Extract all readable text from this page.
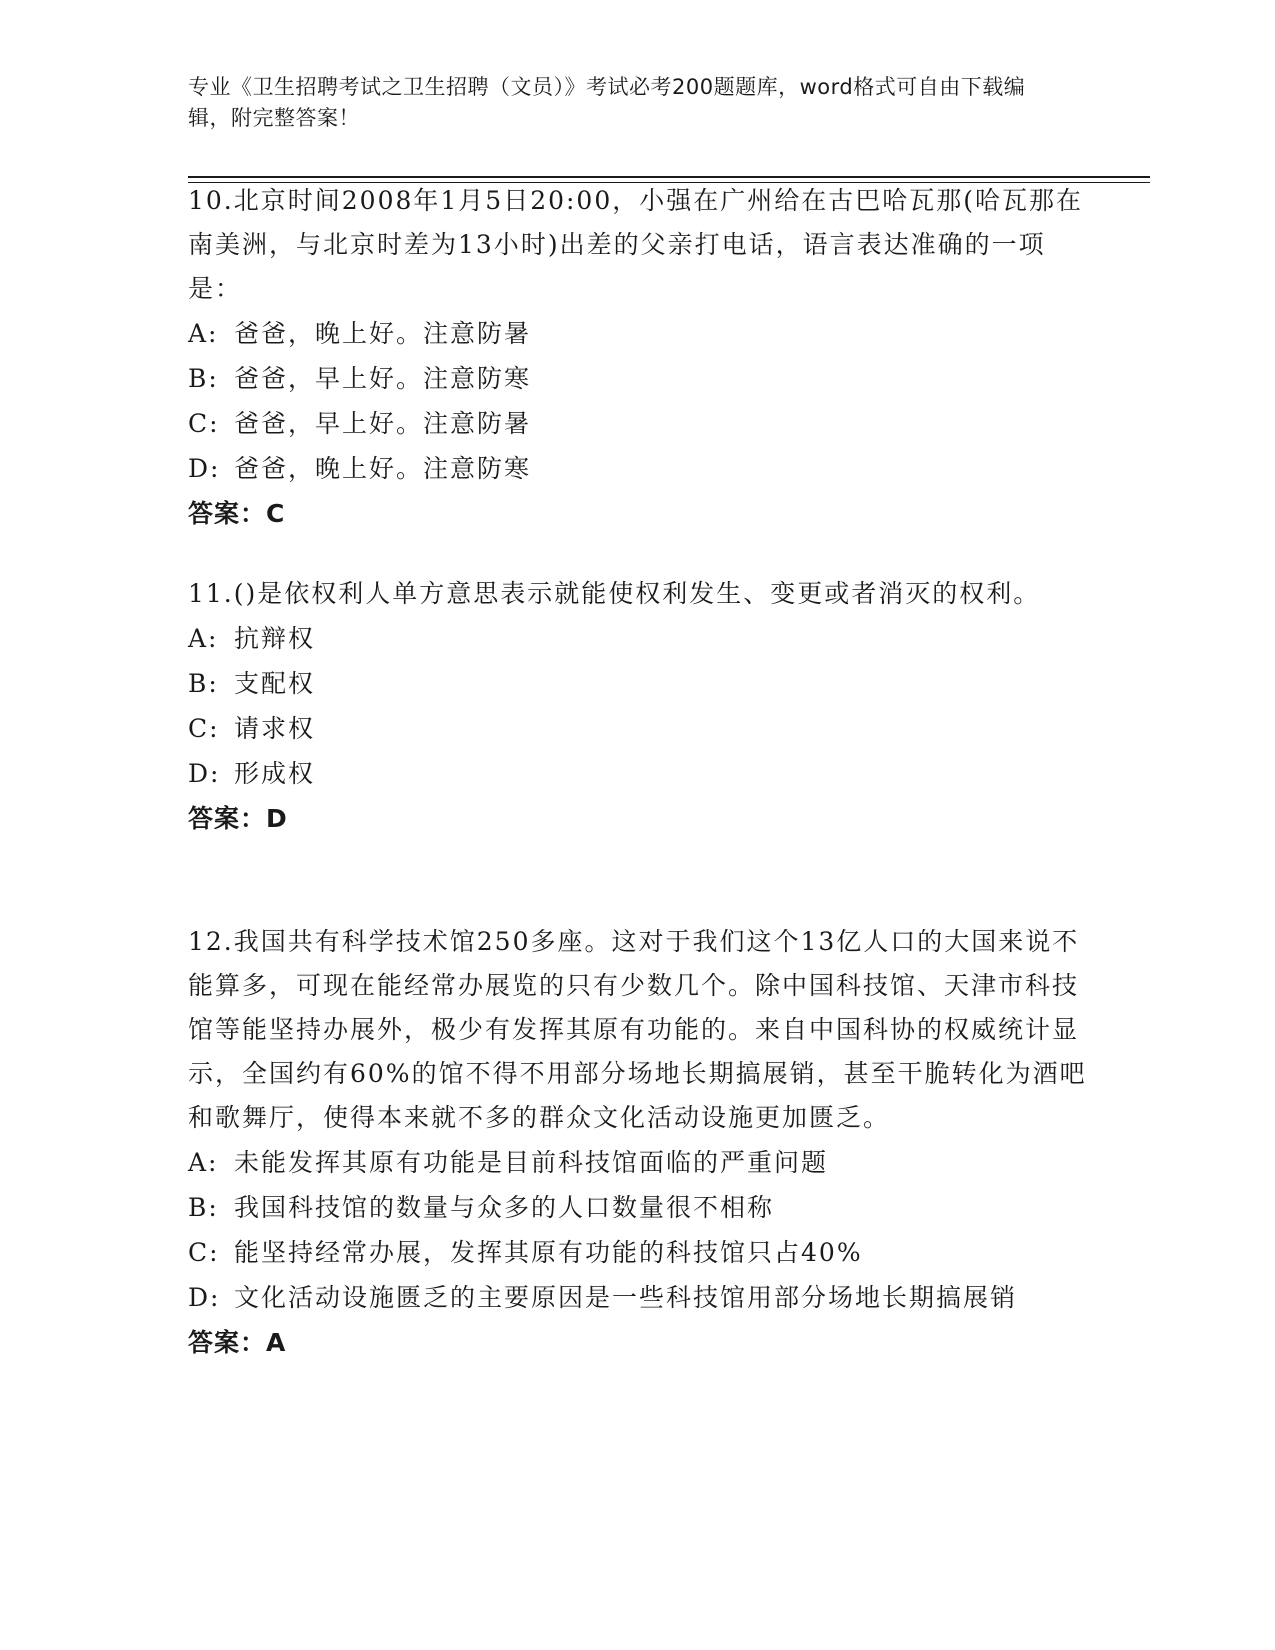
专业《卫生招聘考试之卫生招聘（文员）》考试必考200题题库，word格式可自由下载编辑，附完整答案！
10.北京时间2008年1月5日20:00，小强在广州给在古巴哈瓦那(哈瓦那在南美洲，与北京时差为13小时)出差的父亲打电话，语言表达准确的一项是：
A: 爸爸，晚上好。注意防暑
B: 爸爸，早上好。注意防寒
C: 爸爸，早上好。注意防暑
D: 爸爸，晚上好。注意防寒
答案：C
11.()是依权利人单方意思表示就能使权利发生、变更或者消灭的权利。
A: 抗辩权
B: 支配权
C: 请求权
D: 形成权
答案：D
12.我国共有科学技术馆250多座。这对于我们这个13亿人口的大国来说不能算多，可现在能经常办展览的只有少数几个。除中国科技馆、天津市科技馆等能坚持办展外，极少有发挥其原有功能的。来自中国科协的权威统计显示，全国约有60%的馆不得不用部分场地长期搞展销，甚至干脆转化为酒吧和歌舞厅，使得本来就不多的群众文化活动设施更加匮乏。
A: 未能发挥其原有功能是目前科技馆面临的严重问题
B: 我国科技馆的数量与众多的人口数量很不相称
C: 能坚持经常办展，发挥其原有功能的科技馆只占40%
D: 文化活动设施匮乏的主要原因是一些科技馆用部分场地长期搞展销
答案：A
